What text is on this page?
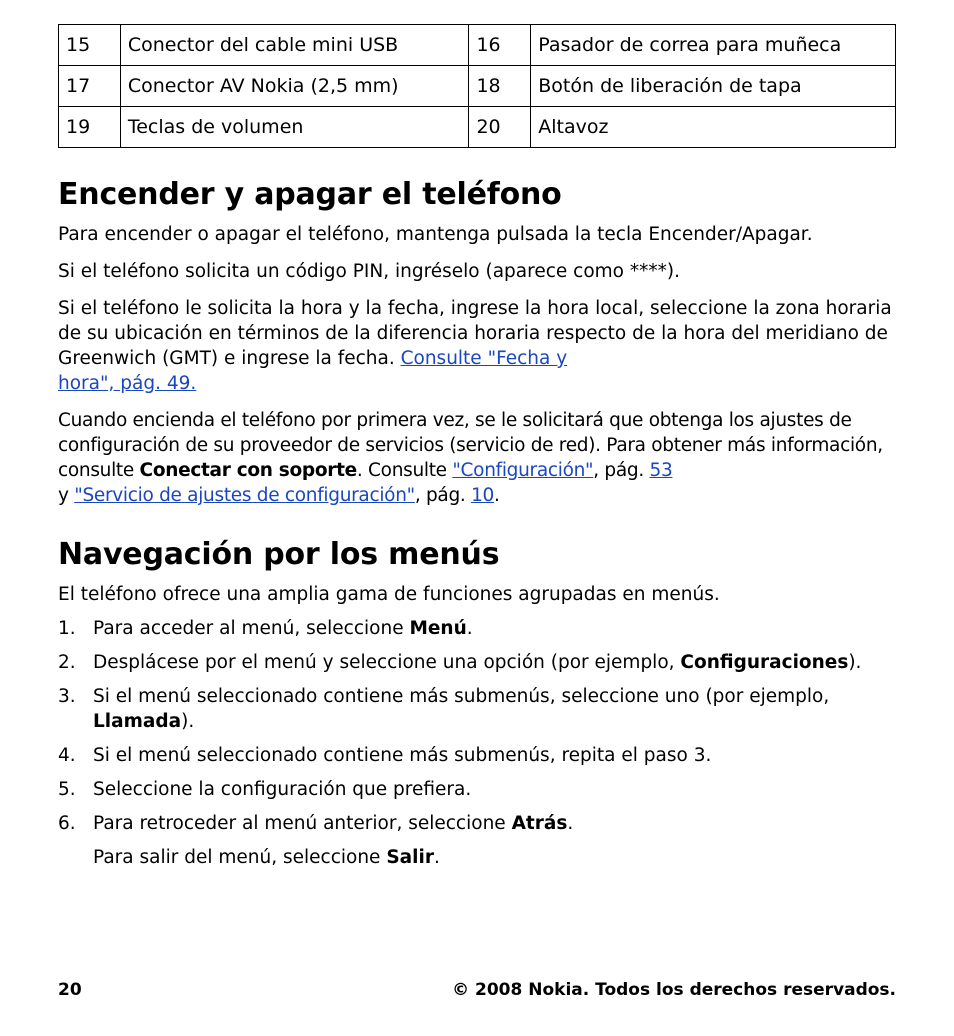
15	Conector del cable mini USB	16	Pasador de correa para muñeca
17	Conector AV Nokia (2,5 mm)	18	Botón de liberación de tapa
19	Teclas de volumen	20	Altavoz
Encender y apagar el teléfono

Para encender o apagar el teléfono, mantenga pulsada la tecla Encender/Apagar.

Si el teléfono solicita un código PIN, ingréselo (aparece como ****).

Si el teléfono le solicita la hora y la fecha, ingrese la hora local, seleccione la zona horaria de su ubicación en términos de la diferencia horaria respecto de la hora del meridiano de Greenwich (GMT) e ingrese la fecha. Consulte "Fecha y
hora", pág. 49.

Cuando encienda el teléfono por primera vez, se le solicitará que obtenga los ajustes de configuración de su proveedor de servicios (servicio de red). Para obtener más información, consulte Conectar con soporte. Consulte "Configuración", pág. 53
y "Servicio de ajustes de configuración", pág. 10.

Navegación por los menús

El teléfono ofrece una amplia gama de funciones agrupadas en menús.

1. Para acceder al menú, seleccione Menú.
2. Desplácese por el menú y seleccione una opción (por ejemplo, Configuraciones).
3. Si el menú seleccionado contiene más submenús, seleccione uno (por ejemplo, Llamada).
4. Si el menú seleccionado contiene más submenús, repita el paso 3.
5. Seleccione la configuración que prefiera.
6. Para retroceder al menú anterior, seleccione Atrás.

Para salir del menú, seleccione Salir.

20	© 2008 Nokia. Todos los derechos reservados.
